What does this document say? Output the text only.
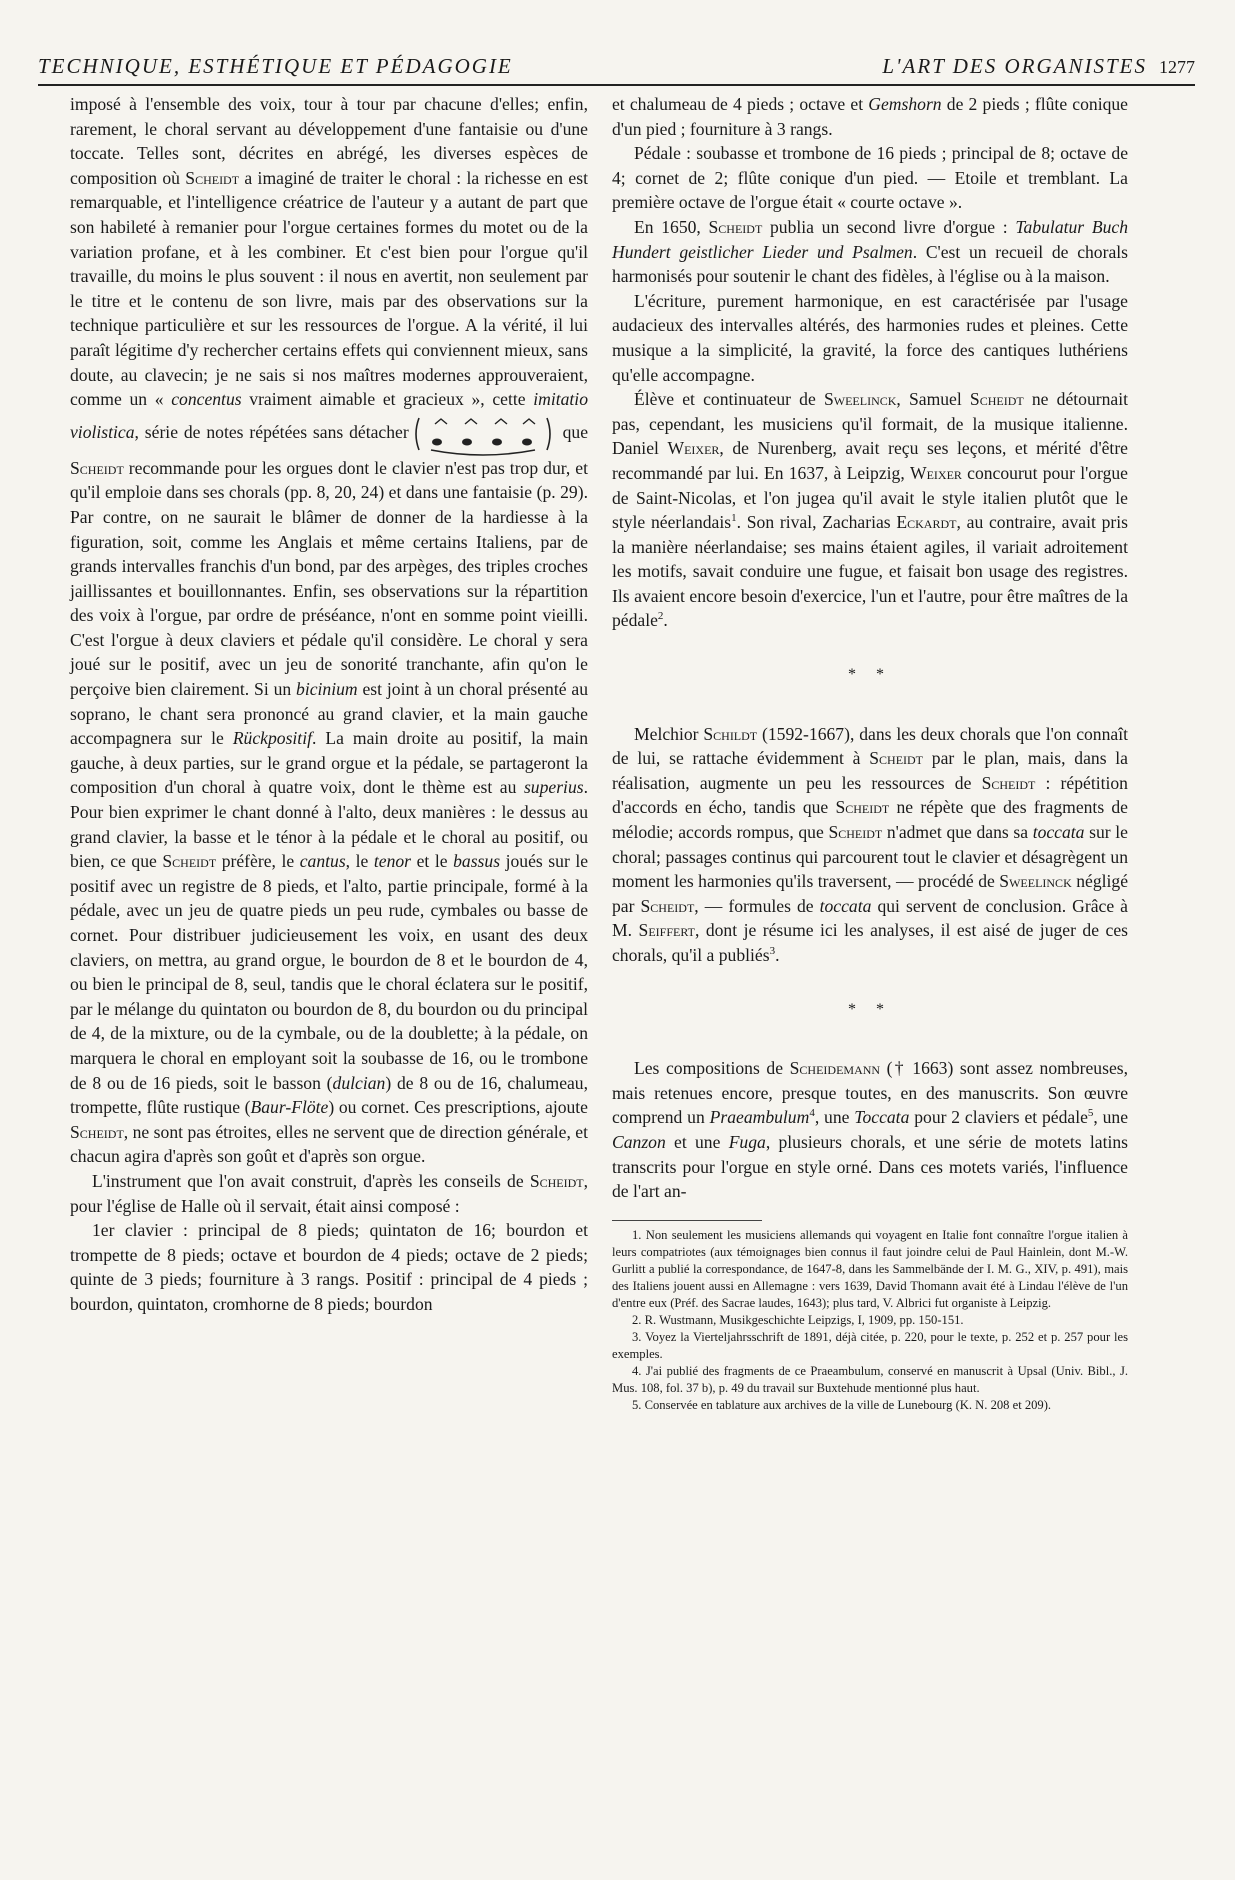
TECHNIQUE, ESTHÉTIQUE ET PÉDAGOGIE	L'ART DES ORGANISTES 1277

imposé à l'ensemble des voix, tour à tour par chacune d'elles; enfin, rarement, le choral servant au développement d'une fantaisie ou d'une toccate. Telles sont, décrites en abrégé, les diverses espèces de composition où Scheidt a imaginé de traiter le choral : la richesse en est remarquable, et l'intelligence créatrice de l'auteur y a autant de part que son habileté à remanier pour l'orgue certaines formes du motet ou de la variation profane, et à les combiner. Et c'est bien pour l'orgue qu'il travaille, du moins le plus souvent : il nous en avertit, non seulement par le titre et le contenu de son livre, mais par des observations sur la technique particulière et sur les ressources de l'orgue. A la vérité, il lui paraît légitime d'y rechercher certains effets qui conviennent mieux, sans doute, au clavecin; je ne sais si nos maîtres modernes approuveraient, comme un « concentus vraiment aimable et gracieux », cette imitatio violistica, série de notes répétées sans détacher	que Scheidt recommande pour les orgues dont le clavier n'est pas trop dur, et qu'il emploie dans ses chorals (pp. 8, 20, 24) et dans une fantaisie (p. 29). Par contre, on ne saurait le blâmer de donner de la hardiesse à la figuration, soit, comme les Anglais et même certains Italiens, par de grands intervalles franchis d'un bond, par des arpèges, des triples croches jaillissantes et bouillonnantes. Enfin, ses observations sur la répartition des voix à l'orgue, par ordre de préséance, n'ont en somme point vieilli. C'est l'orgue à deux claviers et pédale qu'il considère. Le choral y sera joué sur le positif, avec un jeu de sonorité tranchante, afin qu'on le perçoive bien clairement. Si un bicinium est joint à un choral présenté au soprano, le chant sera prononcé au grand clavier, et la main gauche accompagnera sur le Rückpositif. La main droite au positif, la main gauche, à deux parties, sur le grand orgue et la pédale, se partageront la composition d'un choral à quatre voix, dont le thème est au superius. Pour bien exprimer le chant donné à l'alto, deux manières : le dessus au grand clavier, la basse et le ténor à la pédale et le choral au positif, ou bien, ce que Scheidt préfère, le cantus, le tenor et le bassus joués sur le positif avec un registre de 8 pieds, et l'alto, partie principale, formé à la pédale, avec un jeu de quatre pieds un peu rude, cymbales ou basse de cornet. Pour distribuer judicieusement les voix, en usant des deux claviers, on mettra, au grand orgue, le bourdon de 8 et le bourdon de 4, ou bien le principal de 8, seul, tandis que le choral éclatera sur le positif, par le mélange du quintaton ou bourdon de 8, du bourdon ou du principal de 4, de la mixture, ou de la cymbale, ou de la doublette; à la pédale, on marquera le choral en employant soit la soubasse de 16, ou le trombone de 8 ou de 16 pieds, soit le basson (dulcian) de 8 ou de 16, chalumeau, trompette, flûte rustique (Baur-Flöte) ou cornet. Ces prescriptions, ajoute Scheidt, ne sont pas étroites, elles ne servent que de direction générale, et chacun agira d'après son goût et d'après son orgue.

L'instrument que l'on avait construit, d'après les conseils de Scheidt, pour l'église de Halle où il servait, était ainsi composé :

1er clavier : principal de 8 pieds; quintaton de 16; bourdon et trompette de 8 pieds; octave et bourdon de 4 pieds; octave de 2 pieds; quinte de 3 pieds; fourniture à 3 rangs. Positif : principal de 4 pieds ; bourdon, quintaton, cromhorne de 8 pieds; bourdon

et chalumeau de 4 pieds ; octave et Gemshorn de 2 pieds ; flûte conique d'un pied ; fourniture à 3 rangs.

Pédale : soubasse et trombone de 16 pieds ; principal de 8; octave de 4; cornet de 2; flûte conique d'un pied. — Etoile et tremblant. La première octave de l'orgue était « courte octave ».

En 1650, Scheidt publia un second livre d'orgue : Tabulatur Buch Hundert geistlicher Lieder und Psalmen. C'est un recueil de chorals harmonisés pour soutenir le chant des fidèles, à l'église ou à la maison.

L'écriture, purement harmonique, en est caractérisée par l'usage audacieux des intervalles altérés, des harmonies rudes et pleines. Cette musique a la simplicité, la gravité, la force des cantiques luthériens qu'elle accompagne.

Élève et continuateur de Sweelinck, Samuel Scheidt ne détournait pas, cependant, les musiciens qu'il formait, de la musique italienne. Daniel Weixer, de Nurenberg, avait reçu ses leçons, et mérité d'être recommandé par lui. En 1637, à Leipzig, Weixer concourut pour l'orgue de Saint-Nicolas, et l'on jugea qu'il avait le style italien plutôt que le style néerlandais$^1$. Son rival, Zacharias Eckardt, au contraire, avait pris la manière néerlandaise; ses mains étaient agiles, il variait adroitement les motifs, savait conduire une fugue, et faisait bon usage des registres. Ils avaient encore besoin d'exercice, l'un et l'autre, pour être maîtres de la pédale$^2$.

* *

Melchior Schildt (1592-1667), dans les deux chorals que l'on connaît de lui, se rattache évidemment à Scheidt par le plan, mais, dans la réalisation, augmente un peu les ressources de Scheidt : répétition d'accords en écho, tandis que Scheidt ne répète que des fragments de mélodie; accords rompus, que Scheidt n'admet que dans sa toccata sur le choral; passages continus qui parcourent tout le clavier et désagrègent un moment les harmonies qu'ils traversent, — procédé de Sweelinck négligé par Scheidt, — formules de toccata qui servent de conclusion. Grâce à M. Seiffert, dont je résume ici les analyses, il est aisé de juger de ces chorals, qu'il a publiés$^3$.

* *

Les compositions de Scheidemann († 1663) sont assez nombreuses, mais retenues encore, presque toutes, en des manuscrits. Son œuvre comprend un Praeambulum$^4$, une Toccata pour 2 claviers et pédale$^5$, une Canzon et une Fuga, plusieurs chorals, et une série de motets latins transcrits pour l'orgue en style orné. Dans ces motets variés, l'influence de l'art an-

1. Non seulement les musiciens allemands qui voyagent en Italie font connaître l'orgue italien à leurs compatriotes (aux témoignages bien connus il faut joindre celui de Paul Hainlein, dont M.-W. Gurlitt a publié la correspondance, de 1647-8, dans les Sammelbände der I. M. G., XIV, p. 491), mais des Italiens jouent aussi en Allemagne : vers 1639, David Thomann avait été à Lindau l'élève de l'un d'entre eux (Préf. des Sacrae laudes, 1643); plus tard, V. Albrici fut organiste à Leipzig.

2. R. Wustmann, Musikgeschichte Leipzigs, I, 1909, pp. 150-151.

3. Voyez la Vierteljahrsschrift de 1891, déjà citée, p. 220, pour le texte, p. 252 et p. 257 pour les exemples.

4. J'ai publié des fragments de ce Praeambulum, conservé en manuscrit à Upsal (Univ. Bibl., J. Mus. 108, fol. 37 b), p. 49 du travail sur Buxtehude mentionné plus haut.

5. Conservée en tablature aux archives de la ville de Lunebourg (K. N. 208 et 209).
